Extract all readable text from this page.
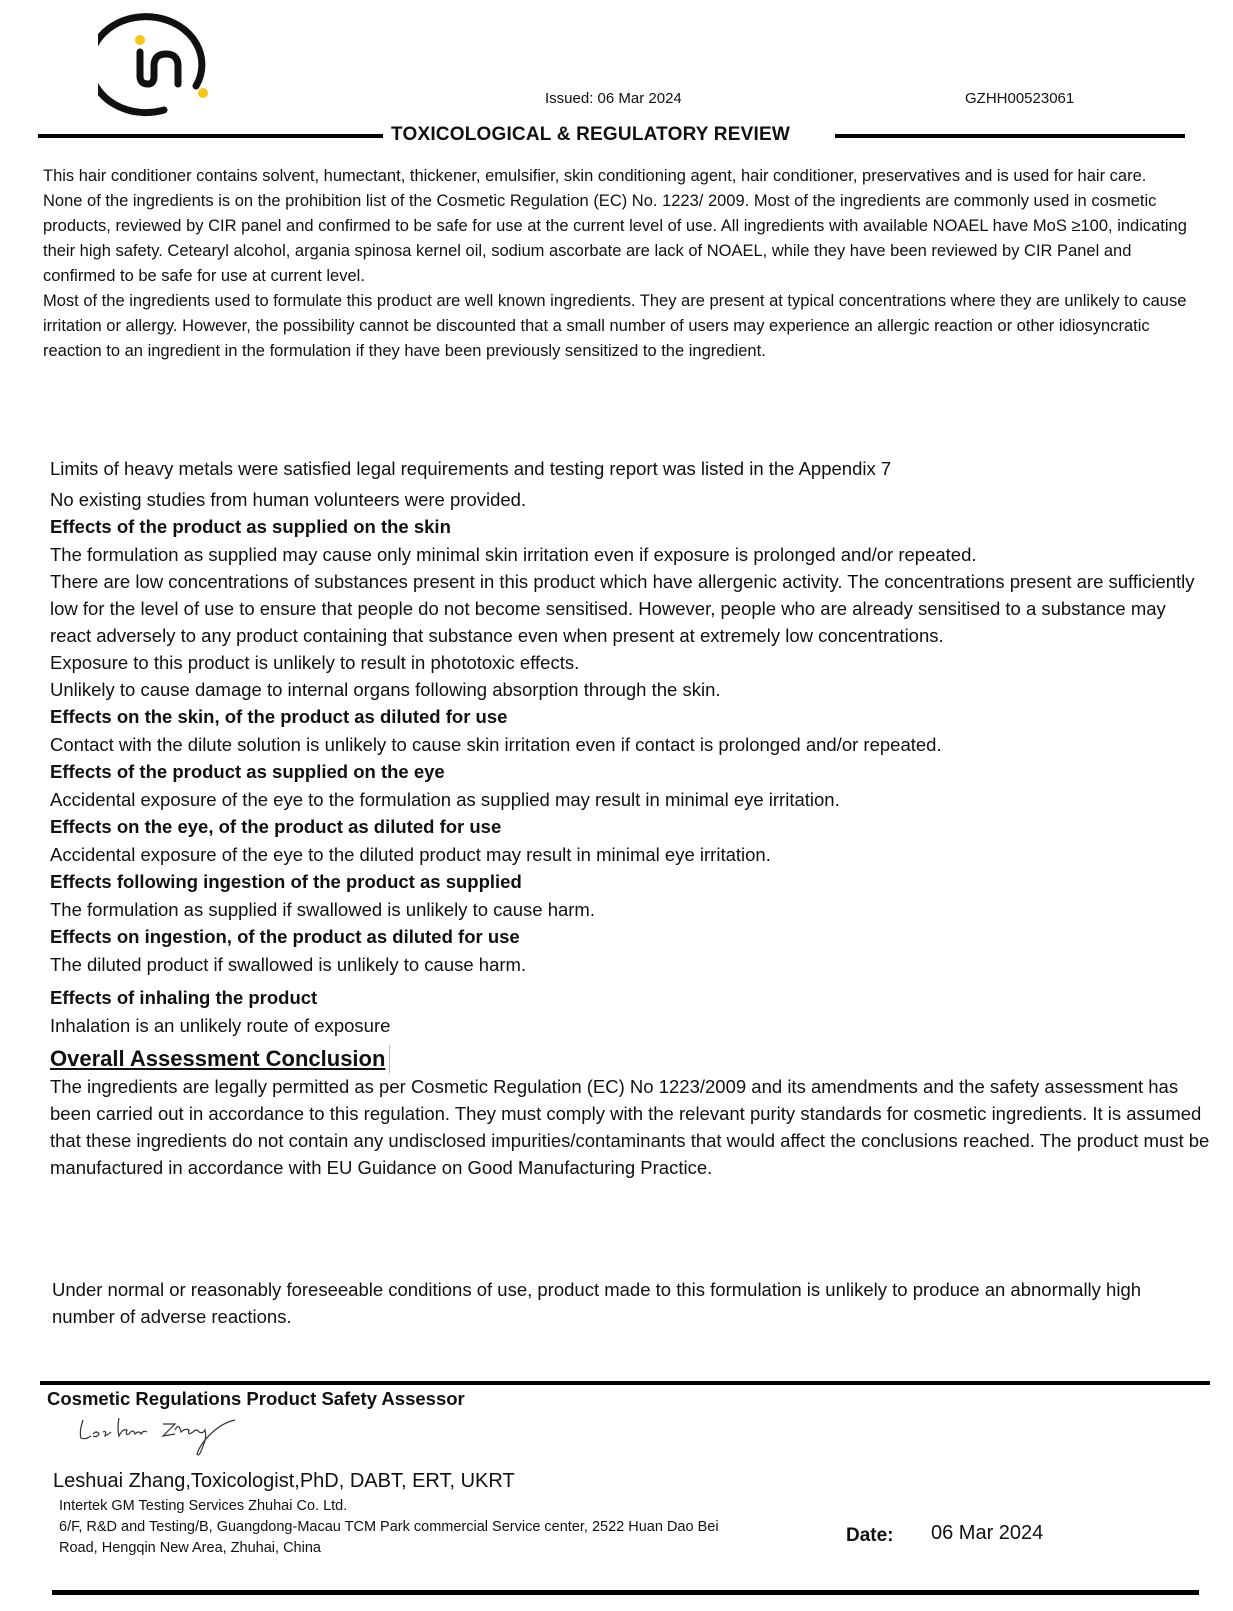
Issued: 06 Mar 2024	GZHH00523061
TOXICOLOGICAL & REGULATORY REVIEW

This hair conditioner contains solvent, humectant, thickener, emulsifier, skin conditioning agent, hair conditioner, preservatives and is used for hair care.

None of the ingredients is on the prohibition list of the Cosmetic Regulation (EC) No. 1223/ 2009. Most of the ingredients are commonly used in cosmetic products, reviewed by CIR panel and confirmed to be safe for use at the current level of use. All ingredients with available NOAEL have MoS ≥100, indicating their high safety. Cetearyl alcohol, argania spinosa kernel oil, sodium ascorbate are lack of NOAEL, while they have been reviewed by CIR Panel and confirmed to be safe for use at current level.

Most of the ingredients used to formulate this product are well known ingredients. They are present at typical concentrations where they are unlikely to cause irritation or allergy. However, the possibility cannot be discounted that a small number of users may experience an allergic reaction or other idiosyncratic reaction to an ingredient in the formulation if they have been previously sensitized to the ingredient.

Limits of heavy metals were satisfied legal requirements and testing report was listed in the Appendix 7

No existing studies from human volunteers were provided.

Effects of the product as supplied on the skin

The formulation as supplied may cause only minimal skin irritation even if exposure is prolonged and/or repeated.

There are low concentrations of substances present in this product which have allergenic activity. The concentrations present are sufficiently low for the level of use to ensure that people do not become sensitised. However, people who are already sensitised to a substance may react adversely to any product containing that substance even when present at extremely low concentrations.

Exposure to this product is unlikely to result in phototoxic effects.

Unlikely to cause damage to internal organs following absorption through the skin.

Effects on the skin, of the product as diluted for use

Contact with the dilute solution is unlikely to cause skin irritation even if contact is prolonged and/or repeated.

Effects of the product as supplied on the eye

Accidental exposure of the eye to the formulation as supplied may result in minimal eye irritation.

Effects on the eye, of the product as diluted for use

Accidental exposure of the eye to the diluted product may result in minimal eye irritation.

Effects following ingestion of the product as supplied

The formulation as supplied if swallowed is unlikely to cause harm.

Effects on ingestion, of the product as diluted for use

The diluted product if swallowed is unlikely to cause harm.

Effects of inhaling the product

Inhalation is an unlikely route of exposure

Overall Assessment Conclusion

The ingredients are legally permitted as per Cosmetic Regulation (EC) No 1223/2009 and its amendments and the safety assessment has been carried out in accordance to this regulation. They must comply with the relevant purity standards for cosmetic ingredients. It is assumed that these ingredients do not contain any undisclosed impurities/contaminants that would affect the conclusions reached. The product must be manufactured in accordance with EU Guidance on Good Manufacturing Practice.

Under normal or reasonably foreseeable conditions of use, product made to this formulation is unlikely to produce an abnormally high number of adverse reactions.
Cosmetic Regulations Product Safety Assessor
Leshuai Zhang,Toxicologist,PhD, DABT, ERT, UKRT

Intertek GM Testing Services Zhuhai Co. Ltd.

6/F, R&D and Testing/B, Guangdong-Macau TCM Park commercial Service center, 2522 Huan Dao Bei

Road, Hengqin New Area, Zhuhai, China

Date: 06 Mar 2024
